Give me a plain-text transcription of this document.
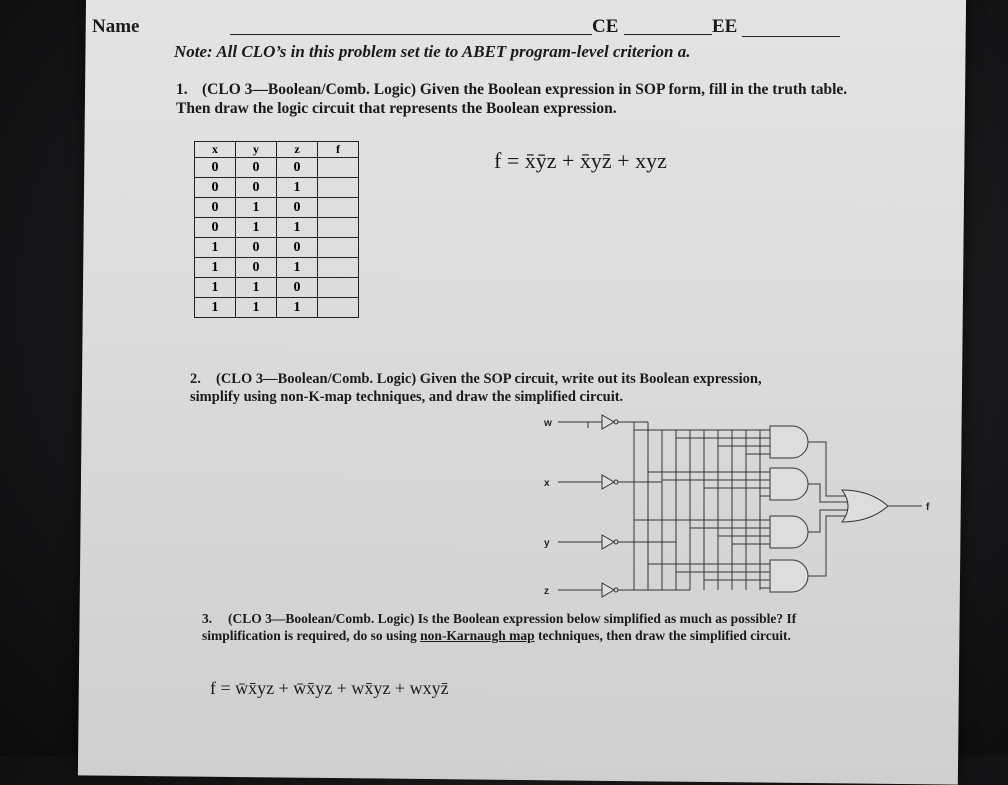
Name	CE	EE
Note: All CLO’s in this problem set tie to ABET program-level criterion a.
1. (CLO 3—Boolean/Comb. Logic) Given the Boolean expression in SOP form, fill in the truth table. Then draw the logic circuit that represents the Boolean expression.
x	y	z	f
0	0	0	
0	0	1	
0	1	0	
0	1	1	
1	0	0	
1	0	1	
1	1	0	
1	1	1	
f = x̄ȳz + x̄yz̄ + xyz
2. (CLO 3—Boolean/Comb. Logic) Given the SOP circuit, write out its Boolean expression, simplify using non-K-map techniques, and draw the simplified circuit.
w
x
y
z
f
3. (CLO 3—Boolean/Comb. Logic) Is the Boolean expression below simplified as much as possible? If simplification is required, do so using non-Karnaugh map techniques, then draw the simplified circuit.
f = w̄x̄yz + w̄x̄yz + wx̄yz + wxyz̄
